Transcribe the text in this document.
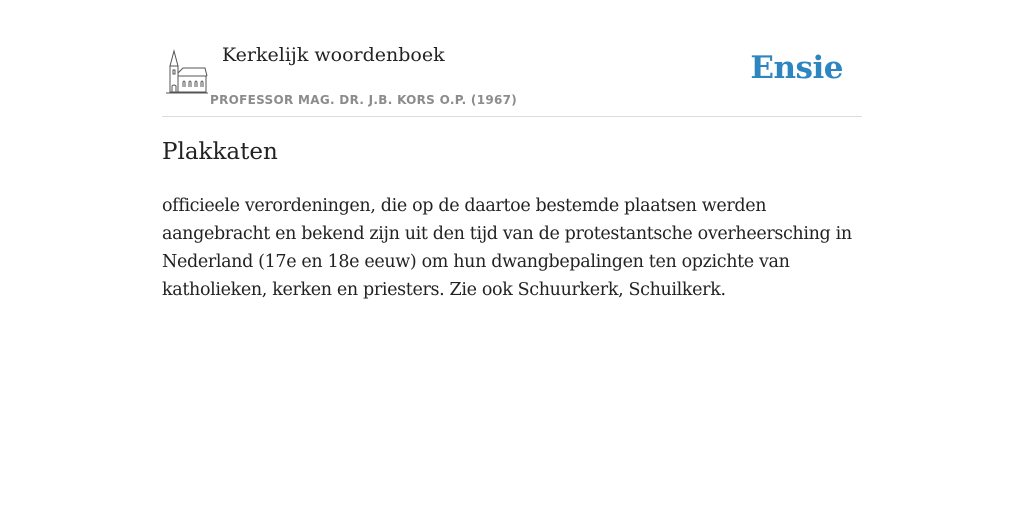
Kerkelijk woordenboek
PROFESSOR MAG. DR. J.B. KORS O.P. (1967)
Ensie
Plakkaten

officieele verordeningen, die op de daartoe bestemde plaatsen werden aangebracht en bekend zijn uit den tijd van de protestantsche overheersching in Nederland (17e en 18e eeuw) om hun dwangbepalingen ten opzichte van katholieken, kerken en priesters. Zie ook Schuurkerk, Schuilkerk.
